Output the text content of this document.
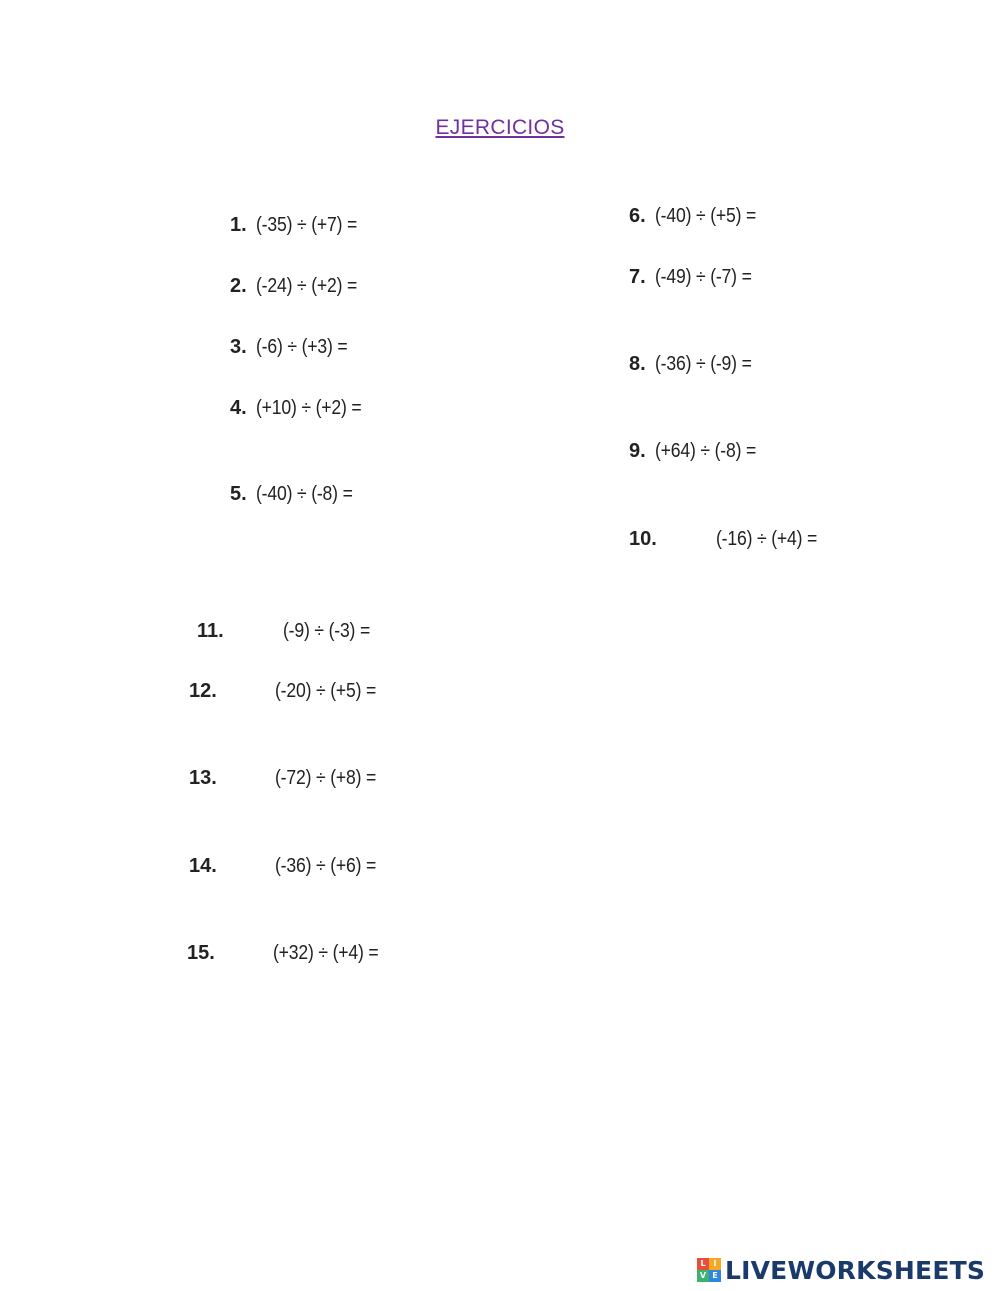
EJERCICIOS
1. (-35) ÷ (+7) =
2. (-24) ÷ (+2) =
3. (-6) ÷ (+3) =
4. (+10) ÷ (+2) =
5. (-40) ÷ (-8) =
6. (-40) ÷ (+5) =
7. (-49) ÷ (-7) =
8. (-36) ÷ (-9) =
9. (+64) ÷ (-8) =
10.	(-16) ÷ (+4) =
11.	(-9) ÷ (-3) =
12.	(-20) ÷ (+5) =
13.	(-72) ÷ (+8) =
14.	(-36) ÷ (+6) =
15.	(+32) ÷ (+4) =
L I
V E LIVEWORKSHEETS
